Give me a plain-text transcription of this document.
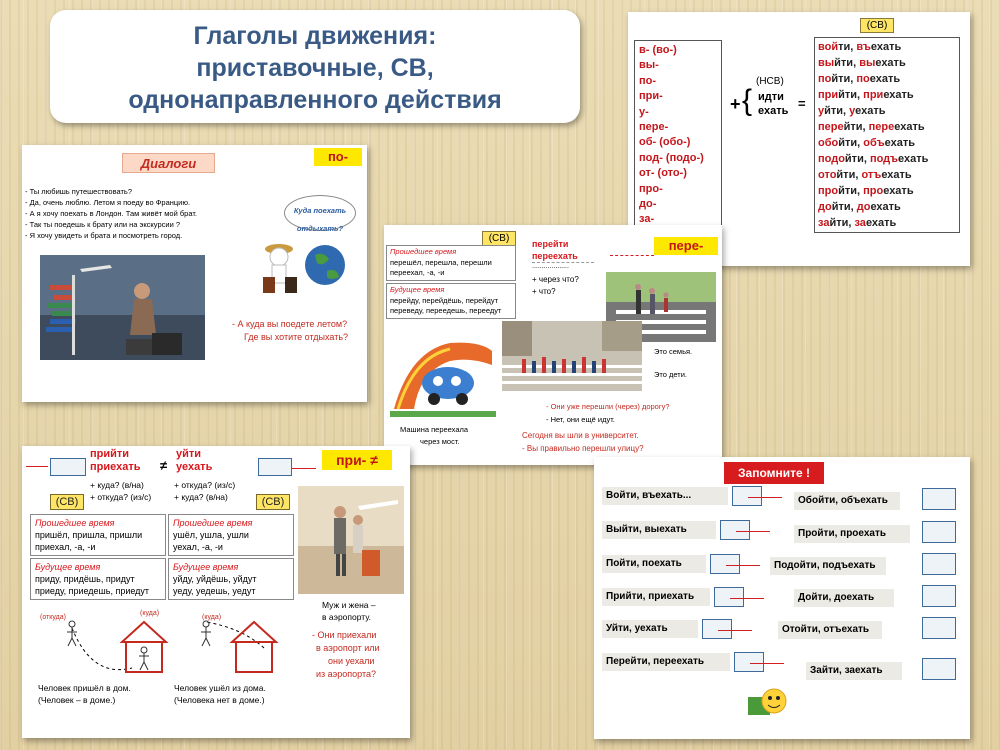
Глаголы движения:
приставочные, СВ,
однонаправленного действия
(СВ)
в- (во-)
вы-
по-
при-
у-
пере-
об- (обо-)
под- (подо-)
от- (ото-)
про-
до-
за-
+ {
(НСВ)
идти
ехать =
войти, въехать
выйти, выехать
пойти, поехать
прийти, приехать
уйти, уехать
перейти, переехать
обойти, объехать
подойти, подъехать
отойти, отъехать
пройти, проехать
дойти, доехать
зайти, заехать
Диалоги	по-
- Ты любишь путешествовать?
- Да, очень люблю. Летом я поеду во Францию.
- А я хочу поехать в Лондон. Там живёт мой брат.
- Так ты поедешь к брату или на экскурсии ?
- Я хочу увидеть и брата и посмотреть город.
Куда поехать отдыхать?
- А куда вы поедете летом?
Где вы хотите отдыхать?
(СВ)
Прошедшее время
перешёл, перешла, перешли
переехал, -а, -и
Будущее время
перейду, перейдёшь, перейдут
переведу, переедешь, переедут
перейти
переехать
...................
+ через что?
+ что?
пере-
Это семья.
Это дети.
Машина переехала
через мост.
- Они уже перешли (через) дорогу?
- Нет, они ещё идут.
Сегодня вы шли в университет.
- Вы правильно перешли улицу?
прийти
приехать ≠
уйти
уехать	при- ≠
+ куда? (в/на)
+ откуда? (из/с)
+ откуда? (из/с)
+ куда? (в/на)
(СВ)	(СВ)
Прошедшее время
пришёл, пришла, пришли
приехал, -а, -и
Прошедшее время
ушёл, ушла, ушли
уехал, -а, -и
Будущее время
приду, придёшь, придут
приеду, приедешь, приедут
Будущее время
уйду, уйдёшь, уйдут
уеду, уедешь, уедут
Муж и жена –
в аэропорту.
- Они приехали
в аэропорт или
они уехали
из аэропорта?
(откуда)
(куда)
(куда)
Человек пришёл в дом.
(Человек – в доме.)
Человек ушёл из дома.
(Человека нет в доме.)
Запомните !
Войти, въехать...
Выйти, выехать
Пойти, поехать
Прийти, приехать
Уйти, уехать
Перейти, переехать
Обойти, объехать
Пройти, проехать
Подойти, подъехать
Дойти, доехать
Отойти, отъехать
Зайти, заехать
